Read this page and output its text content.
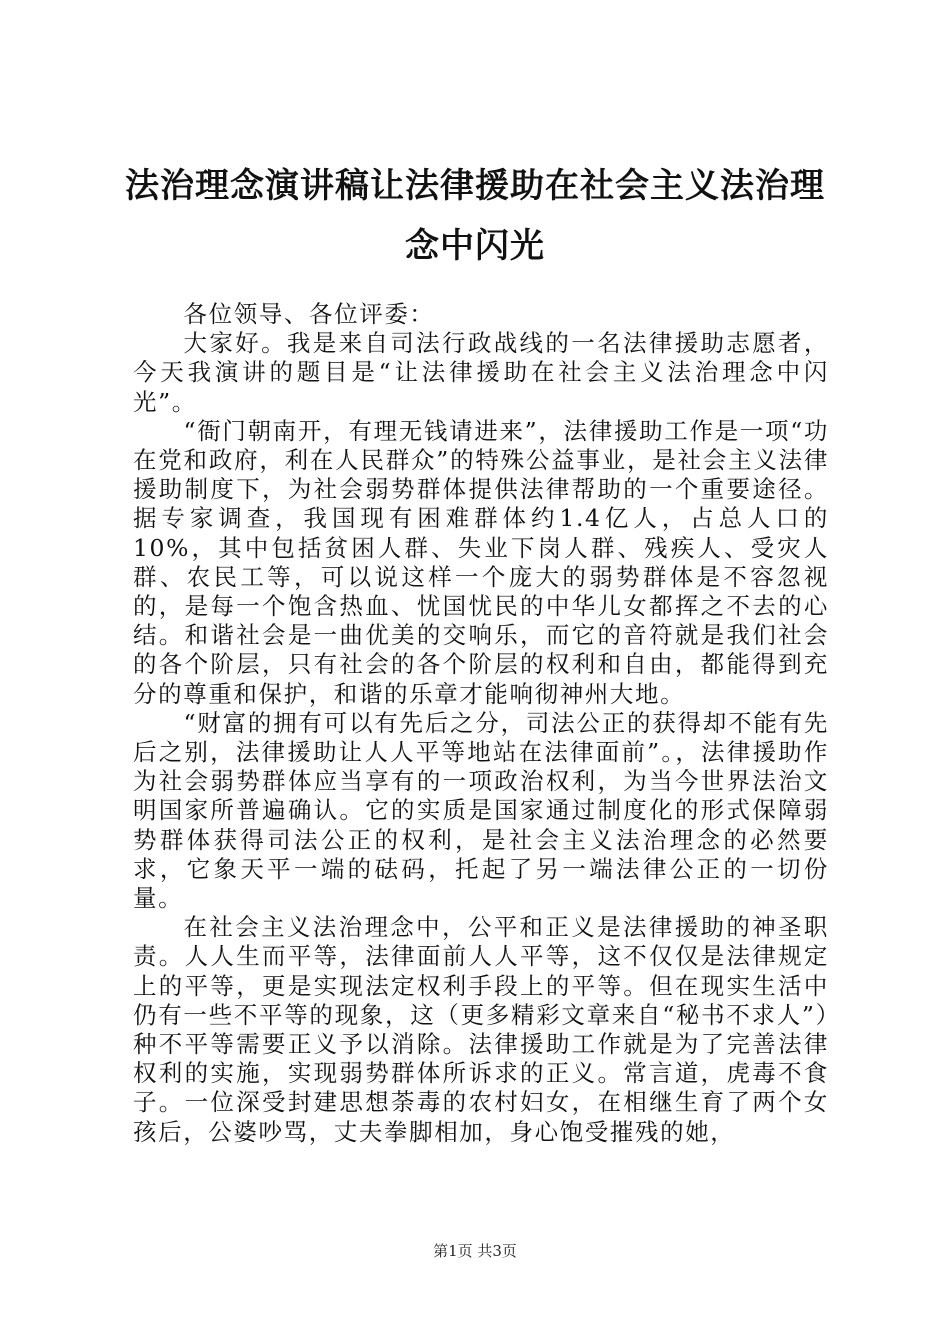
法治理念演讲稿让法律援助在社会主义法治理念中闪光

各位领导、各位评委：

大家好。我是来自司法行政战线的一名法律援助志愿者，今天我演讲的题目是“让法律援助在社会主义法治理念中闪光”。

“衙门朝南开，有理无钱请进来”，法律援助工作是一项“功在党和政府，利在人民群众”的特殊公益事业，是社会主义法律援助制度下，为社会弱势群体提供法律帮助的一个重要途径。据专家调查，我国现有困难群体约1.4亿人，占总人口的10%，其中包括贫困人群、失业下岗人群、残疾人、受灾人群、农民工等，可以说这样一个庞大的弱势群体是不容忽视的，是每一个饱含热血、忧国忧民的中华儿女都挥之不去的心结。和谐社会是一曲优美的交响乐，而它的音符就是我们社会的各个阶层，只有社会的各个阶层的权利和自由，都能得到充分的尊重和保护，和谐的乐章才能响彻神州大地。

“财富的拥有可以有先后之分，司法公正的获得却不能有先后之别，法律援助让人人平等地站在法律面前”。，法律援助作为社会弱势群体应当享有的一项政治权利，为当今世界法治文明国家所普遍确认。它的实质是国家通过制度化的形式保障弱势群体获得司法公正的权利，是社会主义法治理念的必然要求，它象天平一端的砝码，托起了另一端法律公正的一切份量。

在社会主义法治理念中，公平和正义是法律援助的神圣职责。人人生而平等，法律面前人人平等，这不仅仅是法律规定上的平等，更是实现法定权利手段上的平等。但在现实生活中仍有一些不平等的现象，这（更多精彩文章来自“秘书不求人”）种不平等需要正义予以消除。法律援助工作就是为了完善法律权利的实施，实现弱势群体所诉求的正义。常言道，虎毒不食子。一位深受封建思想荼毒的农村妇女，在相继生育了两个女孩后，公婆吵骂，丈夫拳脚相加，身心饱受摧残的她，

第1页 共3页
